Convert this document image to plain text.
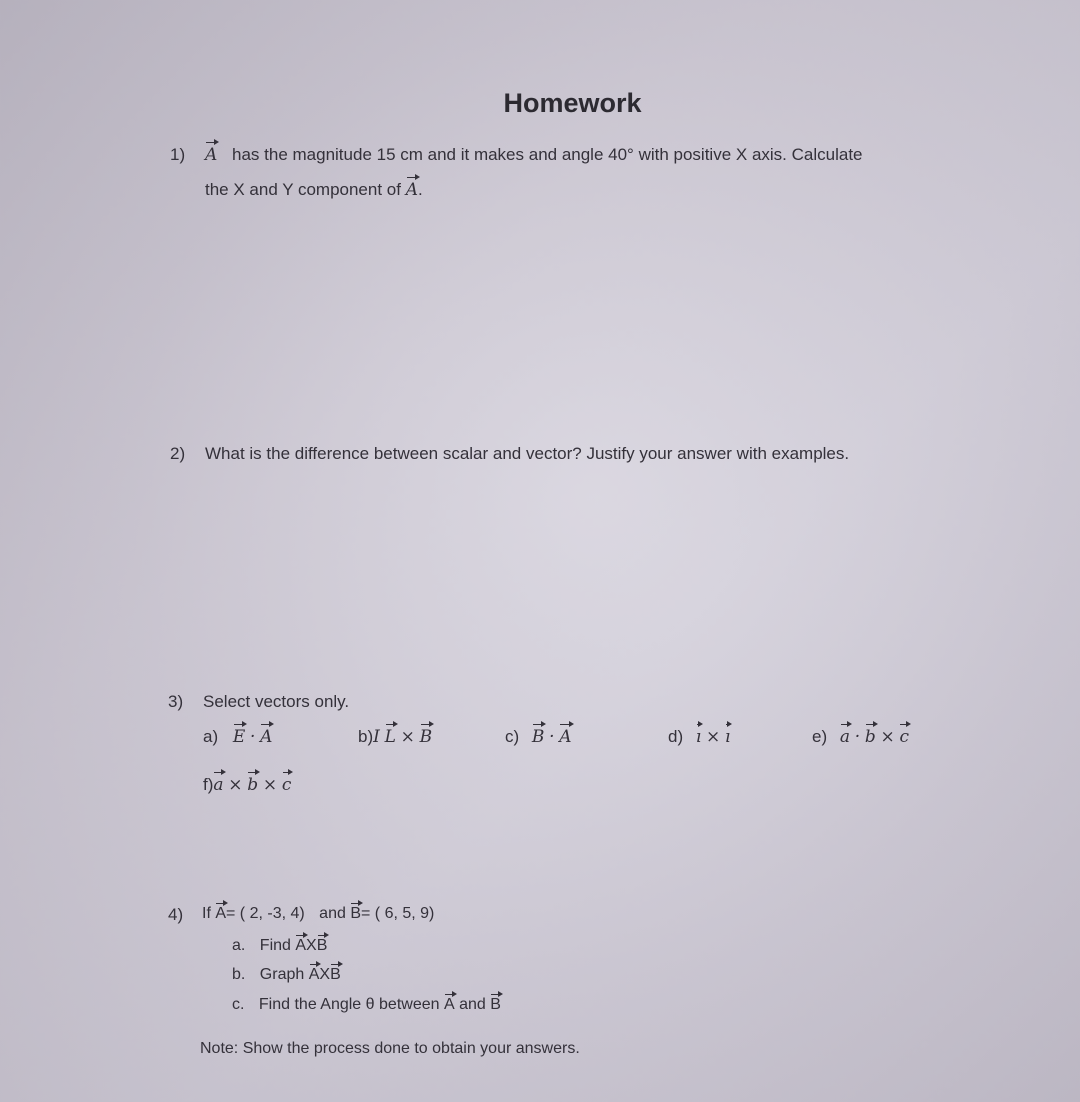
Homework
1) A has the magnitude 15 cm and it makes and angle 40° with positive X axis. Calculate
the X and Y component of A.
2) What is the difference between scalar and vector? Justify your answer with examples.
3) Select vectors only.
a) E · A	b)I L × B	c) B · A	d) ı × ı	e) a · b × c
f)a × b × c
4) If A= ( 2, -3, 4) and B= ( 6, 5, 9)
a. Find AXB
b. Graph AXB
c. Find the Angle θ between A and B
Note: Show the process done to obtain your answers.
